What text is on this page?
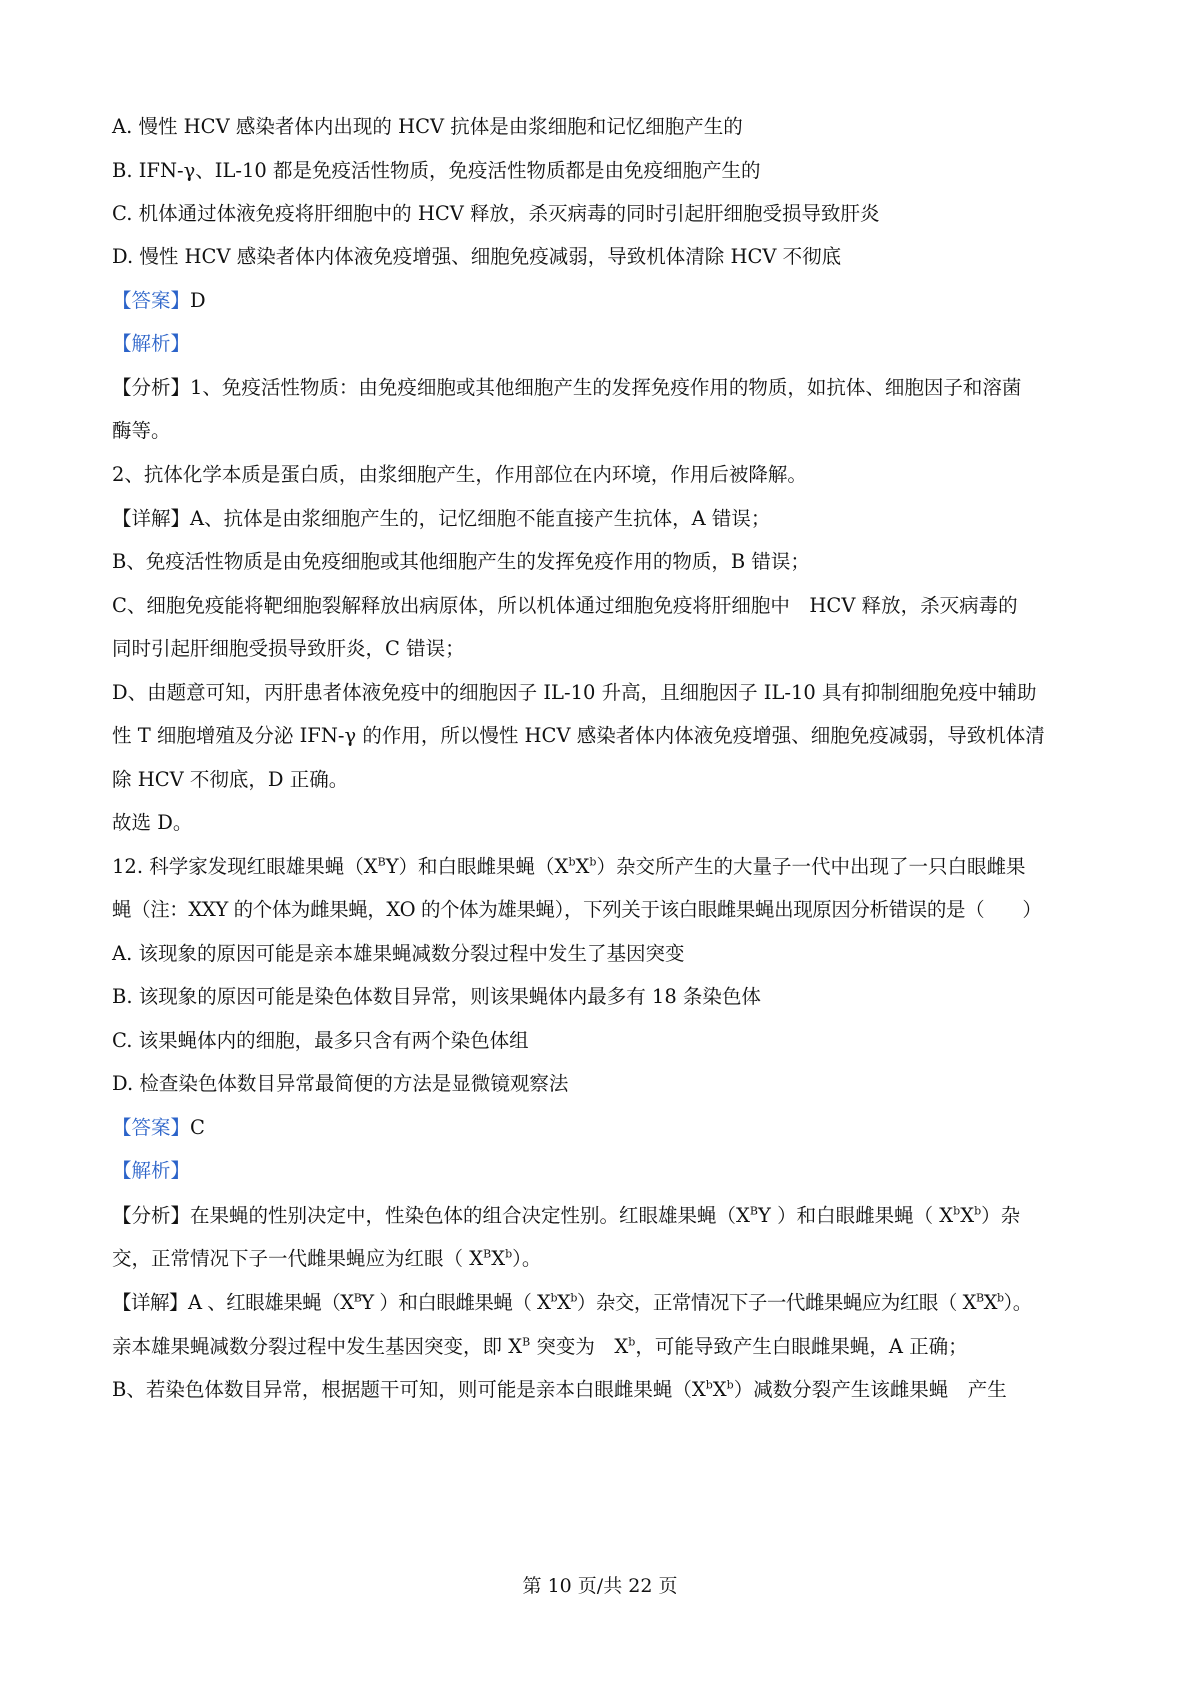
A. 慢性 HCV 感染者体内出现的 HCV 抗体是由浆细胞和记忆细胞产生的
B. IFN-γ、IL-10 都是免疫活性物质，免疫活性物质都是由免疫细胞产生的
C. 机体通过体液免疫将肝细胞中的 HCV 释放，杀灭病毒的同时引起肝细胞受损导致肝炎
D. 慢性 HCV 感染者体内体液免疫增强、细胞免疫减弱，导致机体清除 HCV 不彻底
【答案】D
【解析】
【分析】1、免疫活性物质：由免疫细胞或其他细胞产生的发挥免疫作用的物质，如抗体、细胞因子和溶菌
酶等。
2、抗体化学本质是蛋白质，由浆细胞产生，作用部位在内环境，作用后被降解。
【详解】A、抗体是由浆细胞产生的，记忆细胞不能直接产生抗体，A 错误；
B、免疫活性物质是由免疫细胞或其他细胞产生的发挥免疫作用的物质，B 错误；
C、细胞免疫能将靶细胞裂解释放出病原体，所以机体通过细胞免疫将肝细胞中　HCV 释放，杀灭病毒的
同时引起肝细胞受损导致肝炎，C 错误；
D、由题意可知，丙肝患者体液免疫中的细胞因子 IL-10 升高，且细胞因子 IL-10 具有抑制细胞免疫中辅助
性 T 细胞增殖及分泌 IFN-γ 的作用，所以慢性 HCV 感染者体内体液免疫增强、细胞免疫减弱，导致机体清
除 HCV 不彻底，D 正确。
故选 D。
12. 科学家发现红眼雄果蝇$(X^BY)$和白眼雌果蝇$(X^bX^b)$杂交所产生的大量子一代中出现了一只白眼雌果
蝇（注：XXY 的个体为雌果蝇，XO 的个体为雄果蝇），下列关于该白眼雌果蝇出现原因分析错误的是（　　）
A. 该现象的原因可能是亲本雄果蝇减数分裂过程中发生了基因突变
B. 该现象的原因可能是染色体数目异常，则该果蝇体内最多有 18 条染色体
C. 该果蝇体内的细胞，最多只含有两个染色体组
D. 检查染色体数目异常最简便的方法是显微镜观察法
【答案】C
【解析】
【分析】在果蝇的性别决定中，性染色体的组合决定性别。红眼雄果蝇（$X^BY$ ）和白眼雌果蝇（ $X^bX^b$）杂
交，正常情况下子一代雌果蝇应为红眼（ $X^BX^b$）。
【详解】A 、红眼雄果蝇（$X^BY$ ）和白眼雌果蝇（ $X^bX^b$）杂交，正常情况下子一代雌果蝇应为红眼（ $X^BX^b$）。
亲本雄果蝇减数分裂过程中发生基因突变，即 $X^B$ 突变为　$X^b$，可能导致产生白眼雌果蝇，A 正确；
B、若染色体数目异常，根据题干可知，则可能是亲本白眼雌果蝇$(X^bX^b)$减数分裂产生该雌果蝇　产生
第 10 页/共 22 页
